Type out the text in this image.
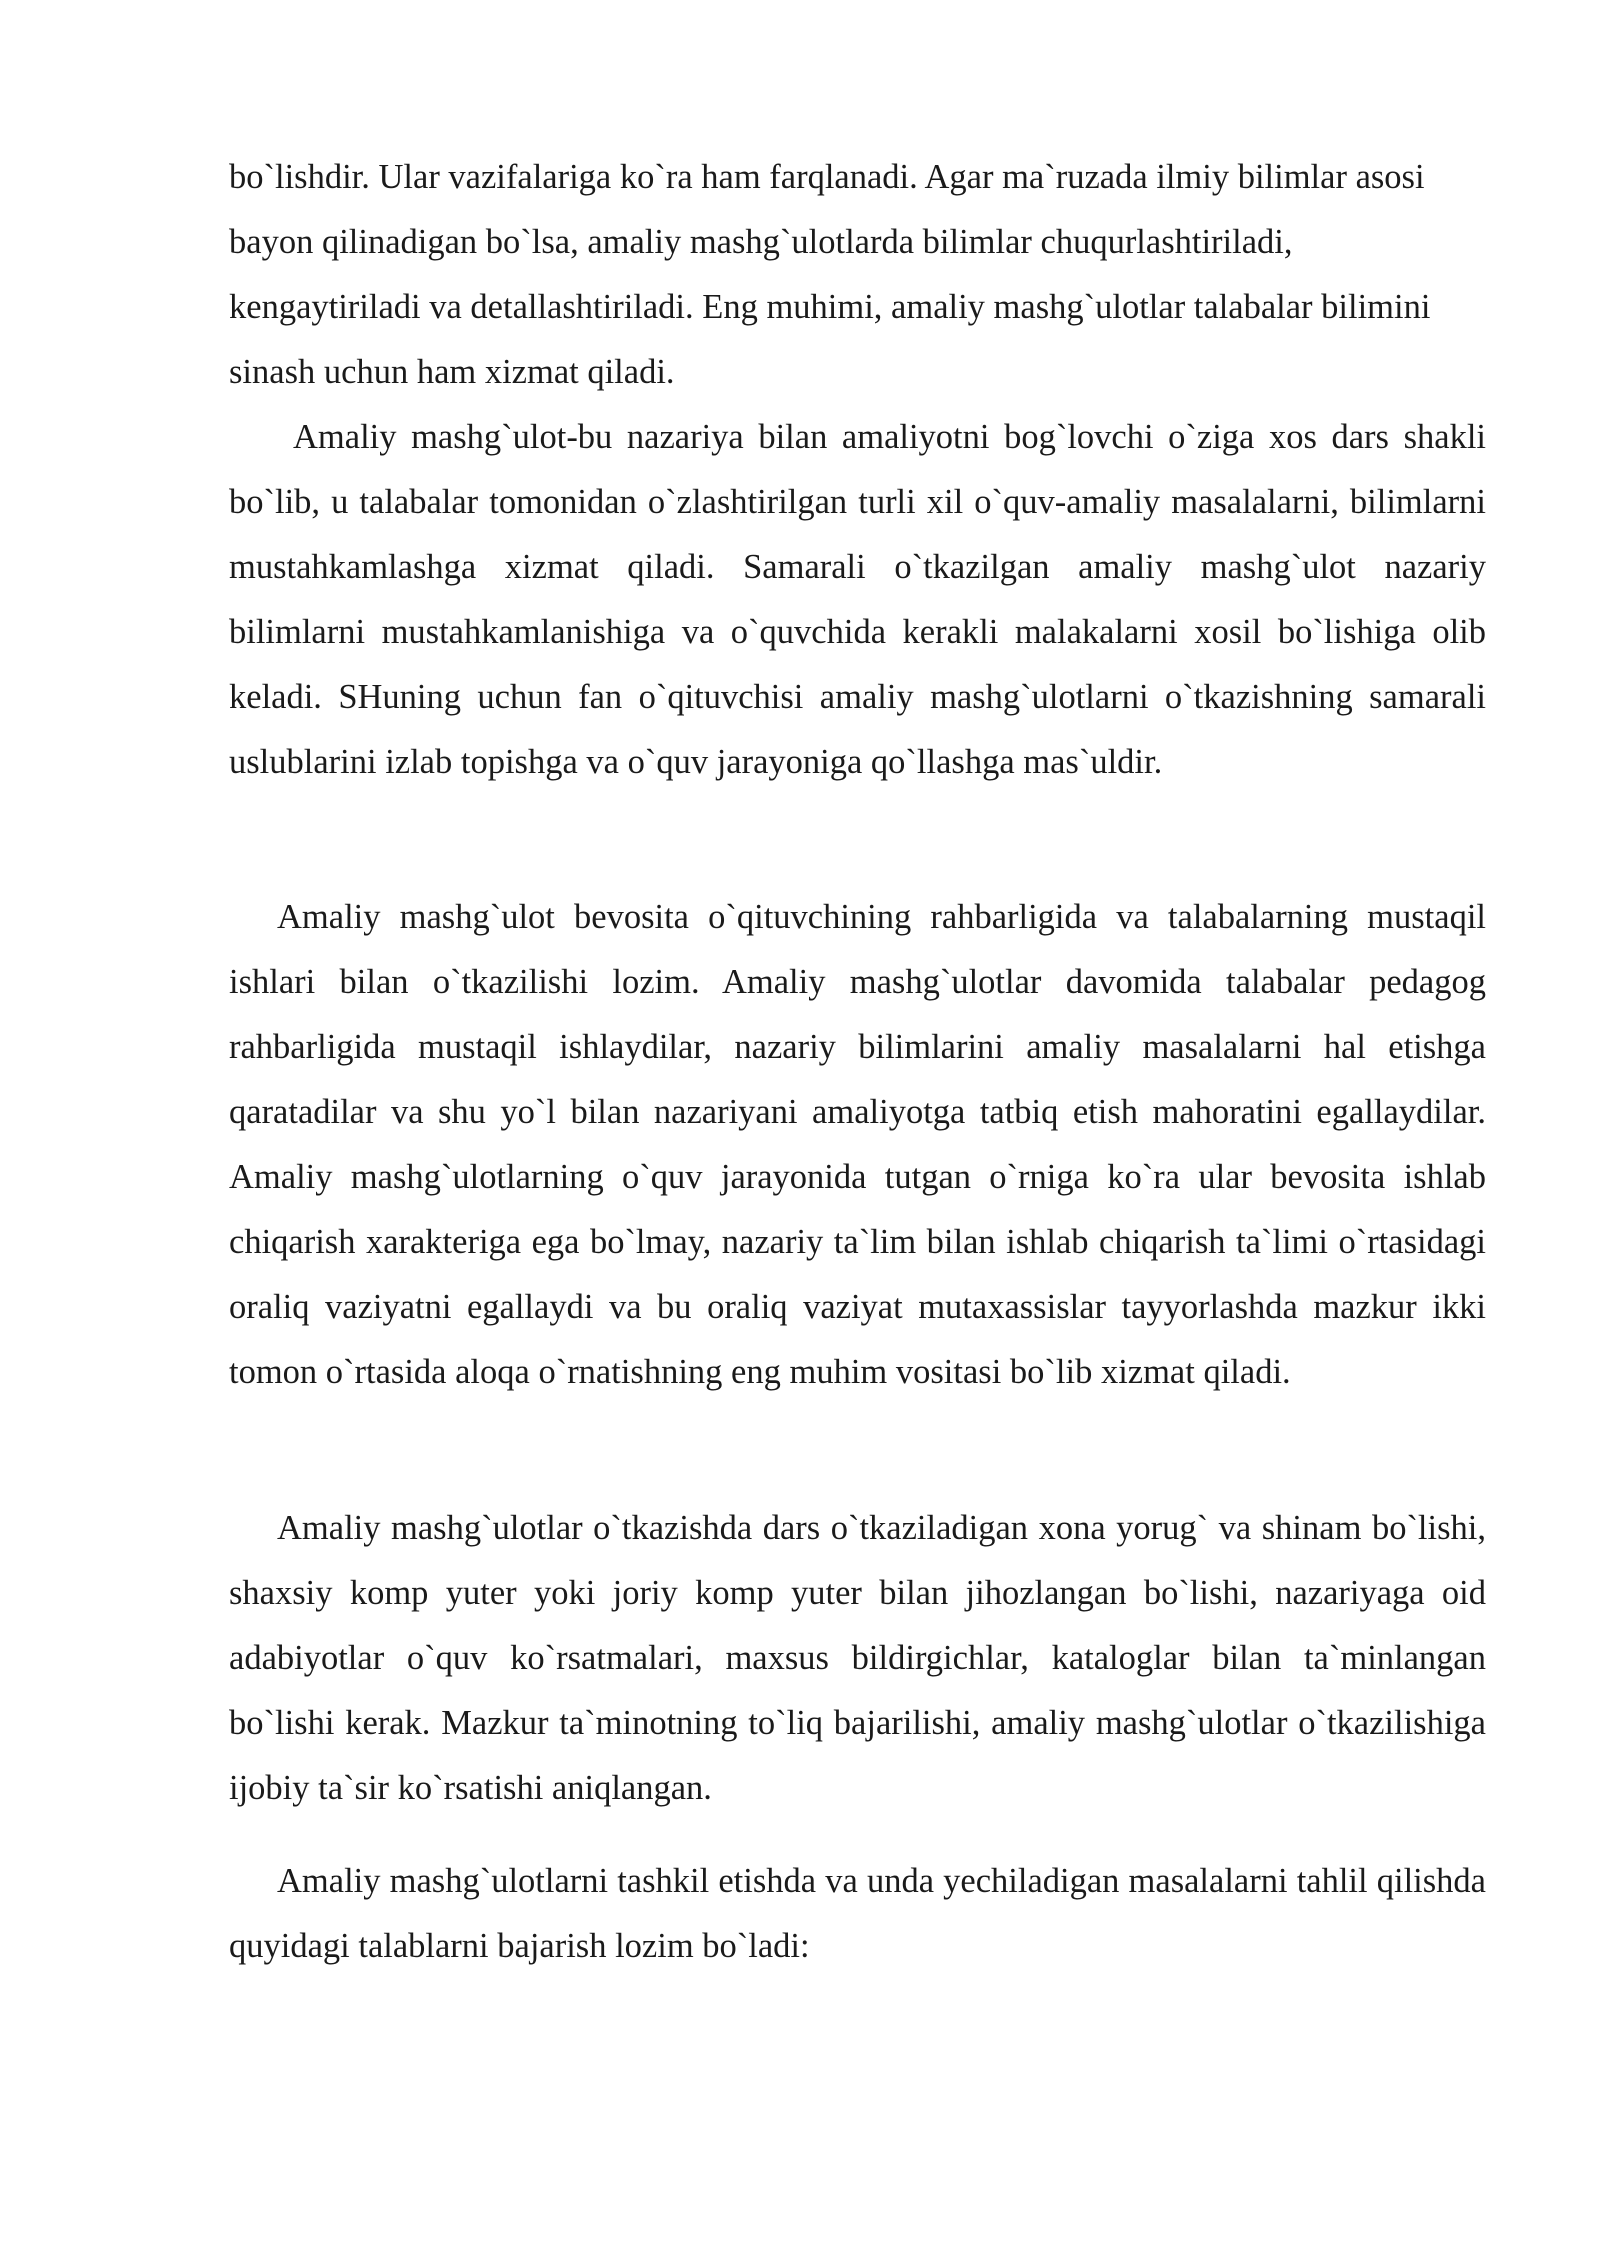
bo`lishdir. Ular vazifalariga ko`ra ham farqlanadi. Agar ma`ruzada ilmiy bilimlar asosi bayon qilinadigan bo`lsa, amaliy mashg`ulotlarda bilimlar chuqurlashtiriladi, kengaytiriladi va detallashtiriladi. Eng muhimi, amaliy mashg`ulotlar talabalar bilimini sinash uchun ham xizmat qiladi.

Amaliy mashg`ulot-bu nazariya bilan amaliyotni bog`lovchi o`ziga xos dars shakli bo`lib, u talabalar tomonidan o`zlashtirilgan turli xil o`quv-amaliy masalalarni, bilimlarni mustahkamlashga xizmat qiladi. Samarali o`tkazilgan amaliy mashg`ulot nazariy bilimlarni mustahkamlanishiga va o`quvchida kerakli malakalarni xosil bo`lishiga olib keladi. SHuning uchun fan o`qituvchisi amaliy mashg`ulotlarni o`tkazishning samarali uslublarini izlab topishga va o`quv jarayoniga qo`llashga mas`uldir.

Amaliy mashg`ulot bevosita o`qituvchining rahbarligida va talabalarning mustaqil ishlari bilan o`tkazilishi lozim. Amaliy mashg`ulotlar davomida talabalar pedagog rahbarligida mustaqil ishlaydilar, nazariy bilimlarini amaliy masalalarni hal etishga qaratadilar va shu yo`l bilan nazariyani amaliyotga tatbiq etish mahoratini egallaydilar. Amaliy mashg`ulotlarning o`quv jarayonida tutgan o`rniga ko`ra ular bevosita ishlab chiqarish xarakteriga ega bo`lmay, nazariy ta`lim bilan ishlab chiqarish ta`limi o`rtasidagi oraliq vaziyatni egallaydi va bu oraliq vaziyat mutaxassislar tayyorlashda mazkur ikki tomon o`rtasida aloqa o`rnatishning eng muhim vositasi bo`lib xizmat qiladi.

Amaliy mashg`ulotlar o`tkazishda dars o`tkaziladigan xona yorug` va shinam bo`lishi, shaxsiy komp yuter yoki joriy komp yuter bilan jihozlangan bo`lishi, nazariyaga oid adabiyotlar o`quv ko`rsatmalari, maxsus bildirgichlar, kataloglar bilan ta`minlangan bo`lishi kerak. Mazkur ta`minotning to`liq bajarilishi, amaliy mashg`ulotlar o`tkazilishiga ijobiy ta`sir ko`rsatishi aniqlangan.

Amaliy mashg`ulotlarni tashkil etishda va unda yechiladigan masalalarni tahlil qilishda quyidagi talablarni bajarish lozim bo`ladi:
